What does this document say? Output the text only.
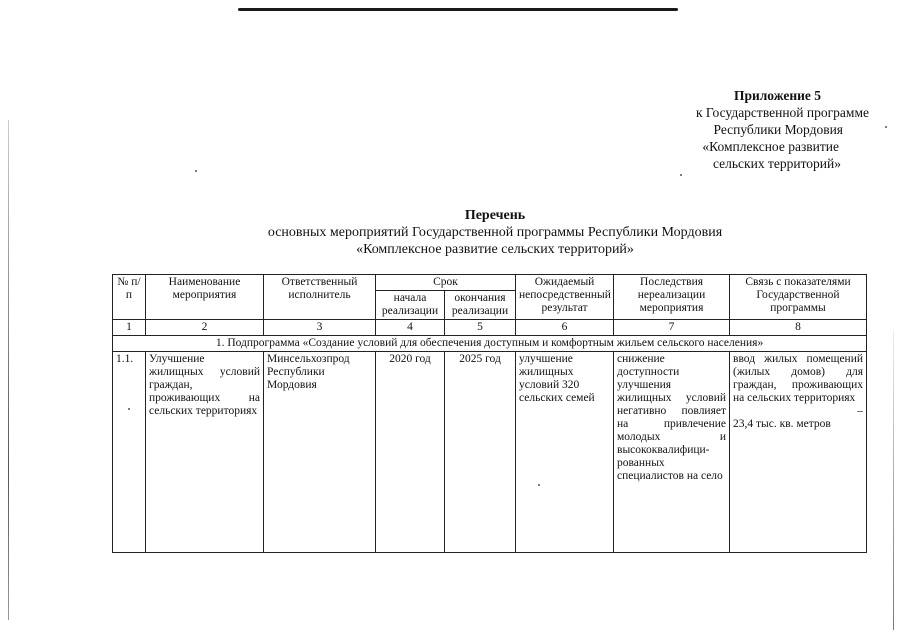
Приложение 5
к Государственной программе
Республики Мордовия
«Комплексное развитие
сельских территорий»
Перечень
основных мероприятий Государственной программы Республики Мордовия
«Комплексное развитие сельских территорий»
№ п/п	Наименование мероприятия	Ответственный исполнитель	Срок		Ожидаемый непосредственный результат	Последствия нереализации мероприятия	Связь с показателями Государственной программы
			начала реализации	окончания реализации			
1	2	3	4	5	6	7	8
1. Подпрограмма «Создание условий для обеспечения доступным и комфортным жильем сельского населения»							
1.1.	Улучшение жилищных условий граждан, проживающих на сельских территориях	Минсельхозпрод Республики Мордовия	2020 год	2025 год	улучшение жилищных условий 320 сельских семей	снижение доступности улучшения жилищных условий негативно повлияет на привлечение молодых и высококвалифици-рованных специалистов на село	ввод жилых помещений (жилых домов) для граждан, проживающих на сельских территориях
–
23,4 тыс. кв. метров
